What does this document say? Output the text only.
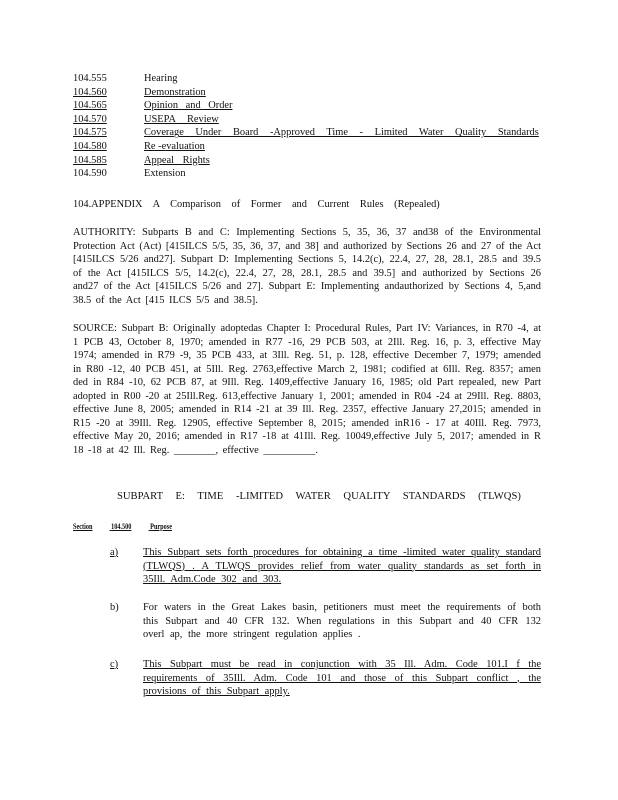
104.555	Hearing
104.560	Demonstration
104.565	Opinion and Order
104.570	USEPA Review
104.575	Coverage Under Board -Approved Time - Limited Water Quality Standards
104.580	Re -evaluation
104.585	Appeal Rights
104.590	Extension
104.APPENDIX A Comparison of Former and Current Rules (Repealed)
AUTHORITY: Subparts B and C: Implementing Sections 5, 35, 36, 37 and38 of the Environmental Protection Act (Act) [415ILCS 5/5, 35, 36, 37, and 38] and authorized by Sections 26 and 27 of the Act [415ILCS 5/26 and27]. Subpart D: Implementing Sections 5, 14.2(c), 22.4, 27, 28, 28.1, 28.5 and 39.5 of the Act [415ILCS 5/5, 14.2(c), 22.4, 27, 28, 28.1, 28.5 and 39.5] and authorized by Sections 26 and27 of the Act [415ILCS 5/26 and 27]. Subpart E: Implementing andauthorized by Sections 4, 5,and 38.5 of the Act [415 ILCS 5/5 and 38.5].
SOURCE: Subpart B: Originally adoptedas Chapter I: Procedural Rules, Part IV: Variances, in R70 -4, at 1 PCB 43, October 8, 1970; amended in R77 -16, 29 PCB 503, at 2Ill. Reg. 16, p. 3, effective May 1974; amended in R79 -9, 35 PCB 433, at 3Ill. Reg. 51, p. 128, effective December 7, 1979; amended in R80 -12, 40 PCB 451, at 5Ill. Reg. 2763,effective March 2, 1981; codified at 6Ill. Reg. 8357; amen ded in R84 -10, 62 PCB 87, at 9Ill. Reg. 1409,effective January 16, 1985; old Part repealed, new Part adopted in R00 -20 at 25Ill.Reg. 613,effective January 1, 2001; amended in R04 -24 at 29Ill. Reg. 8803, effective June 8, 2005; amended in R14 -21 at 39 Ill. Reg. 2357, effective January 27,2015; amended in R15 -20 at 39Ill. Reg. 12905, effective September 8, 2015; amended inR16 - 17 at 40Ill. Reg. 7973, effective May 20, 2016; amended in R17 -18 at 41Ill. Reg. 10049,effective July 5, 2017; amended in R 18 -18 at 42 Ill. Reg. ________, effective __________.
SUBPART E: TIME -LIMITED WATER QUALITY STANDARDS (TLWQS)
Section 104.500 Purpose
a) This Subpart sets forth procedures for obtaining a time -limited water quality standard (TLWQS) . A TLWQS provides relief from water quality standards as set forth in 35Ill. Adm.Code 302 and 303.
b) For waters in the Great Lakes basin, petitioners must meet the requirements of both this Subpart and 40 CFR 132. When regulations in this Subpart and 40 CFR 132 overl ap, the more stringent regulation applies .
c) This Subpart must be read in conjunction with 35 Ill. Adm. Code 101.I f the requirements of 35Ill. Adm. Code 101 and those of this Subpart conflict , the provisions of this Subpart apply.
